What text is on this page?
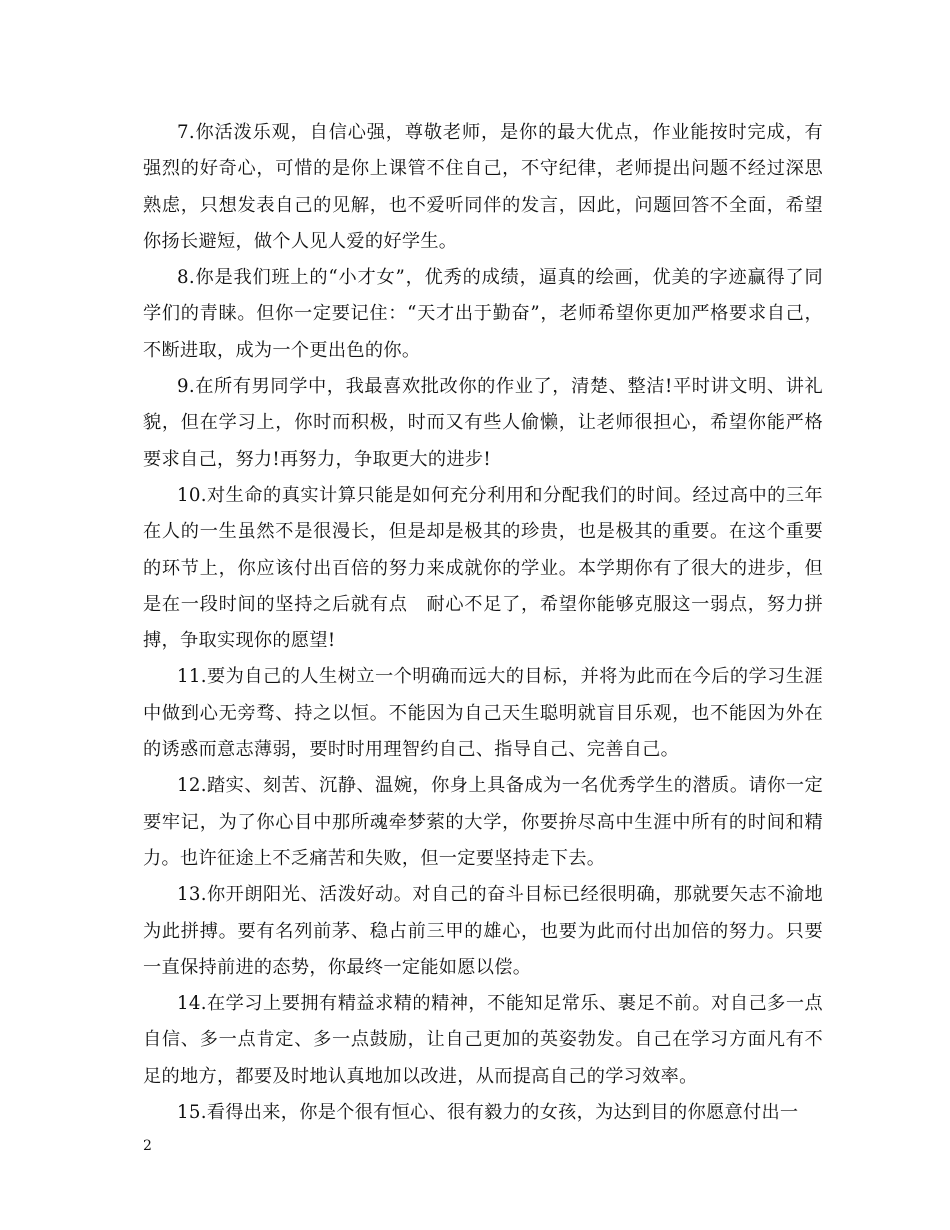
7.你活泼乐观，自信心强，尊敬老师，是你的最大优点，作业能按时完成，有强烈的好奇心，可惜的是你上课管不住自己，不守纪律，老师提出问题不经过深思熟虑，只想发表自己的见解，也不爱听同伴的发言，因此，问题回答不全面，希望你扬长避短，做个人见人爱的好学生。

8.你是我们班上的“小才女”，优秀的成绩，逼真的绘画，优美的字迹赢得了同学们的青睐。但你一定要记住：“天才出于勤奋”，老师希望你更加严格要求自己，不断进取，成为一个更出色的你。

9.在所有男同学中，我最喜欢批改你的作业了，清楚、整洁!平时讲文明、讲礼貌，但在学习上，你时而积极，时而又有些人偷懒，让老师很担心，希望你能严格要求自己，努力!再努力，争取更大的进步!

10.对生命的真实计算只能是如何充分利用和分配我们的时间。经过高中的三年在人的一生虽然不是很漫长，但是却是极其的珍贵，也是极其的重要。在这个重要的环节上，你应该付出百倍的努力来成就你的学业。本学期你有了很大的进步，但是在一段时间的坚持之后就有点　耐心不足了，希望你能够克服这一弱点，努力拼搏，争取实现你的愿望!

11.要为自己的人生树立一个明确而远大的目标，并将为此而在今后的学习生涯中做到心无旁骛、持之以恒。不能因为自己天生聪明就盲目乐观，也不能因为外在的诱惑而意志薄弱，要时时用理智约自己、指导自己、完善自己。

12.踏实、刻苦、沉静、温婉，你身上具备成为一名优秀学生的潜质。请你一定要牢记，为了你心目中那所魂牵梦萦的大学，你要拚尽高中生涯中所有的时间和精力。也许征途上不乏痛苦和失败，但一定要坚持走下去。

13.你开朗阳光、活泼好动。对自己的奋斗目标已经很明确，那就要矢志不渝地为此拼搏。要有名列前茅、稳占前三甲的雄心，也要为此而付出加倍的努力。只要一直保持前进的态势，你最终一定能如愿以偿。

14.在学习上要拥有精益求精的精神，不能知足常乐、裹足不前。对自己多一点自信、多一点肯定、多一点鼓励，让自己更加的英姿勃发。自己在学习方面凡有不足的地方，都要及时地认真地加以改进，从而提高自己的学习效率。

15.看得出来，你是个很有恒心、很有毅力的女孩，为达到目的你愿意付出一

2
